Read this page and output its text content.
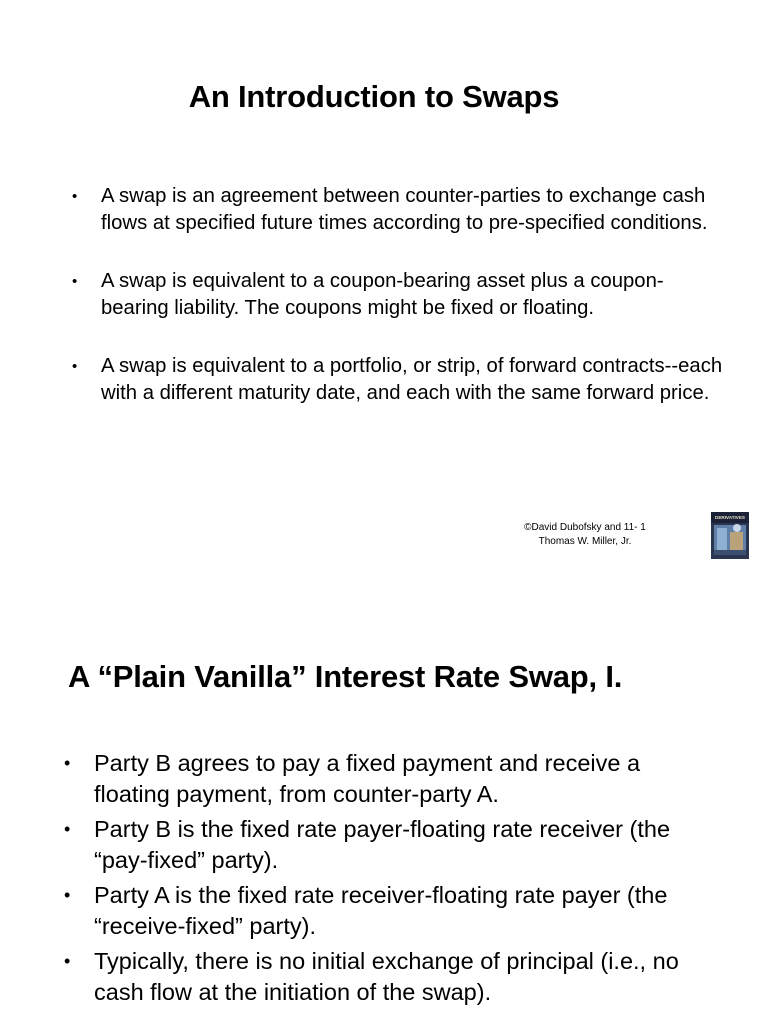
An Introduction to Swaps
• A swap is an agreement between counter-parties to exchange cash flows at specified future times according to pre-specified conditions.
• A swap is equivalent to a coupon-bearing asset plus a coupon-bearing liability. The coupons might be fixed or floating.
• A swap is equivalent to a portfolio, or strip, of forward contracts--each with a different maturity date, and each with the same forward price.
©David Dubofsky and 11- 1
Thomas W. Miller, Jr.
DERIVATIVES
A “Plain Vanilla” Interest Rate Swap, I.
• Party B agrees to pay a fixed payment and receive a floating payment, from counter-party A.
• Party B is the fixed rate payer-floating rate receiver (the “pay-fixed” party).
• Party A is the fixed rate receiver-floating rate payer (the “receive-fixed” party).
• Typically, there is no initial exchange of principal (i.e., no cash flow at the initiation of the swap).
